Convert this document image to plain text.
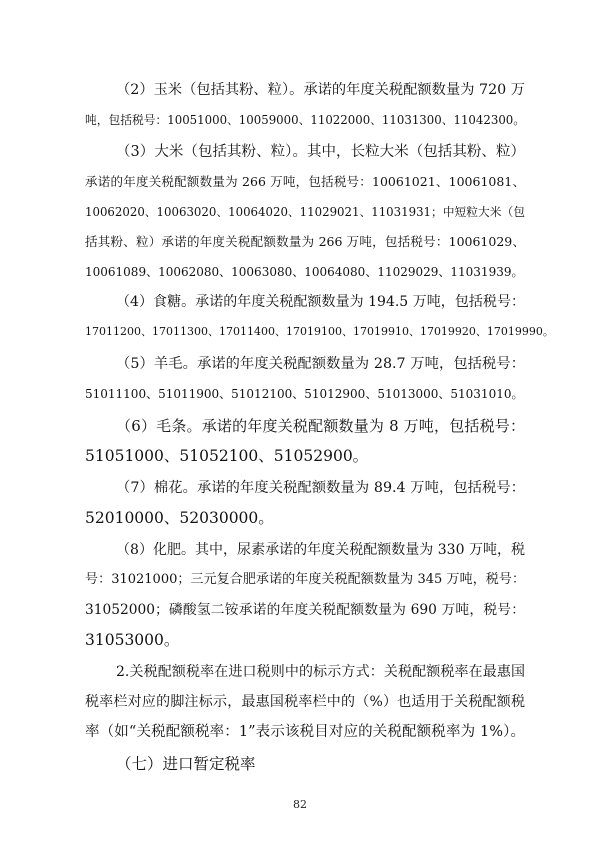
（2）玉米（包括其粉、粒）。承诺的年度关税配额数量为 720 万
吨，包括税号：10051000、10059000、11022000、11031300、11042300。
（3）大米（包括其粉、粒）。其中，长粒大米（包括其粉、粒）
承诺的年度关税配额数量为 266 万吨，包括税号：10061021、10061081、
10062020、10063020、10064020、11029021、11031931；中短粒大米（包
括其粉、粒）承诺的年度关税配额数量为 266 万吨，包括税号：10061029、
10061089、10062080、10063080、10064080、11029029、11031939。
（4）食糖。承诺的年度关税配额数量为 194.5 万吨，包括税号：
17011200、17011300、17011400、17019100、17019910、17019920、17019990。
（5）羊毛。承诺的年度关税配额数量为 28.7 万吨，包括税号：
51011100、51011900、51012100、51012900、51013000、51031010。
（6）毛条。承诺的年度关税配额数量为 8 万吨，包括税号：
51051000、51052100、51052900。
（7）棉花。承诺的年度关税配额数量为 89.4 万吨，包括税号：
52010000、52030000。
（8）化肥。其中，尿素承诺的年度关税配额数量为 330 万吨，税
号：31021000；三元复合肥承诺的年度关税配额数量为 345 万吨，税号：
31052000；磷酸氢二铵承诺的年度关税配额数量为 690 万吨，税号：
31053000。
2.关税配额税率在进口税则中的标示方式：关税配额税率在最惠国
税率栏对应的脚注标示，最惠国税率栏中的（%）也适用于关税配额税
率（如“关税配额税率：1”表示该税目对应的关税配额税率为 1%）。
（七）进口暂定税率
82
